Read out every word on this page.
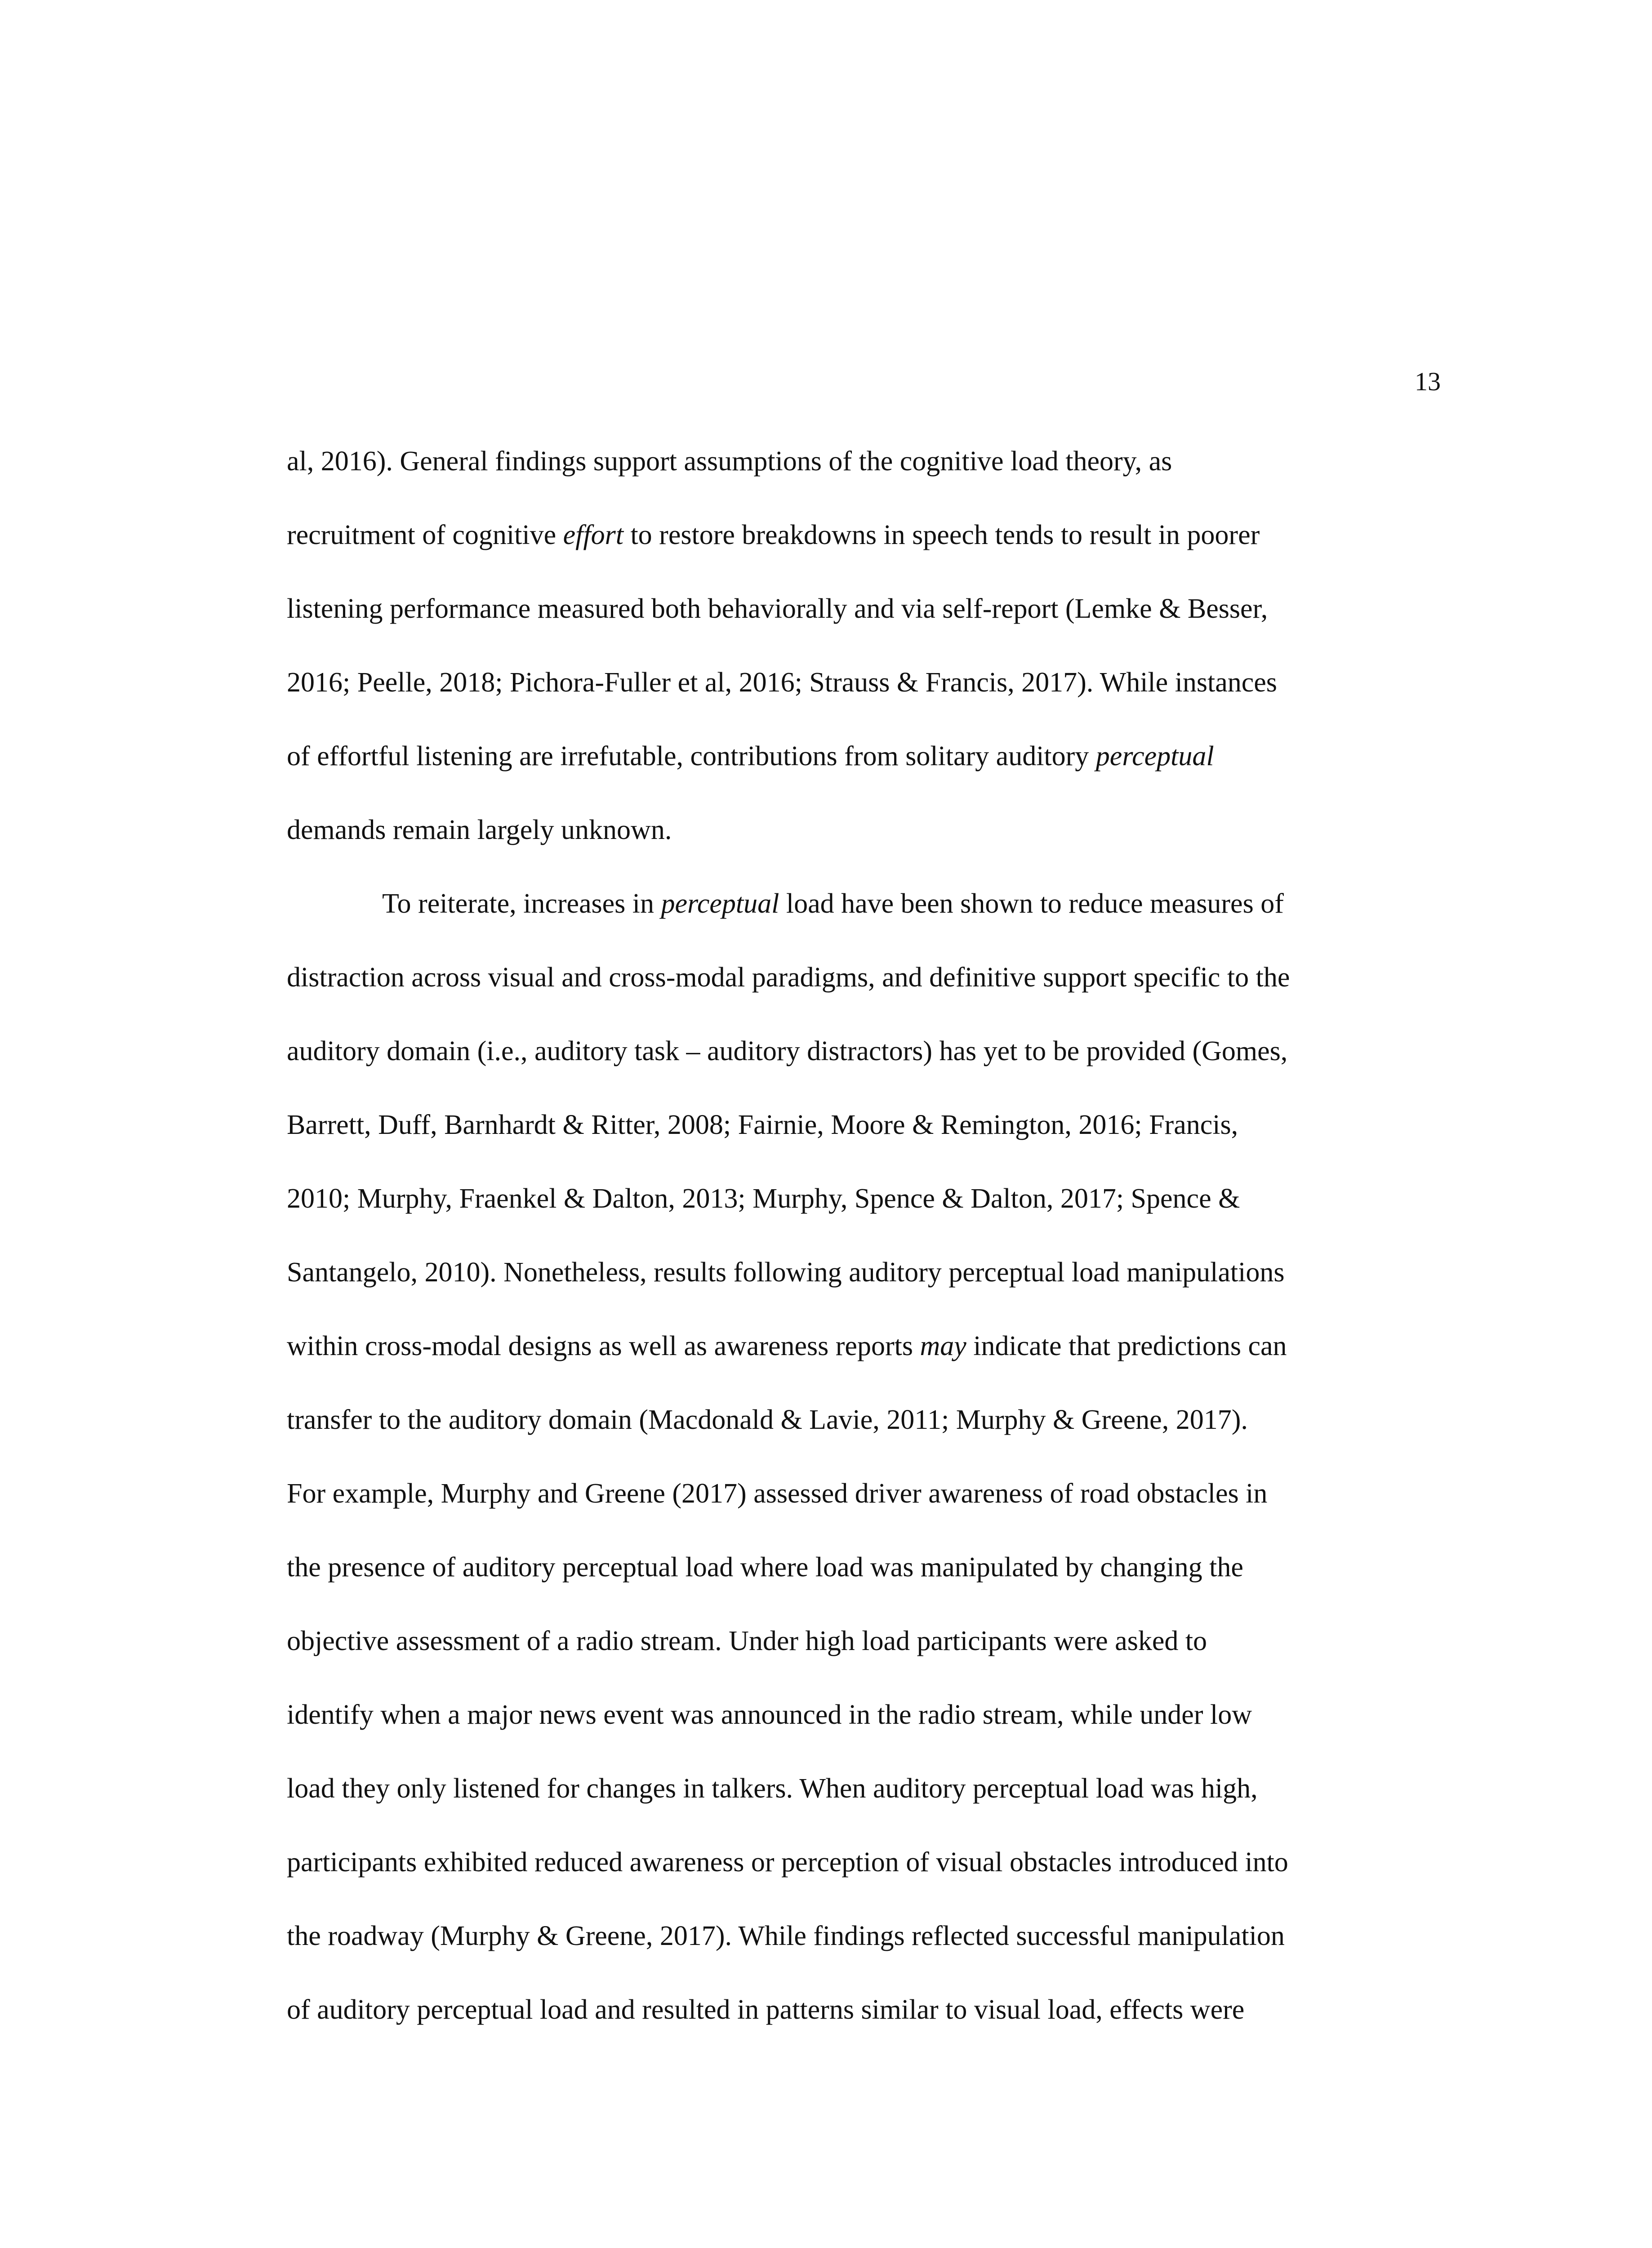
13
al, 2016). General findings support assumptions of the cognitive load theory, as
recruitment of cognitive effort to restore breakdowns in speech tends to result in poorer
listening performance measured both behaviorally and via self-report (Lemke & Besser,
2016; Peelle, 2018; Pichora-Fuller et al, 2016; Strauss & Francis, 2017). While instances
of effortful listening are irrefutable, contributions from solitary auditory perceptual
demands remain largely unknown.
To reiterate, increases in perceptual load have been shown to reduce measures of
distraction across visual and cross-modal paradigms, and definitive support specific to the
auditory domain (i.e., auditory task – auditory distractors) has yet to be provided (Gomes,
Barrett, Duff, Barnhardt & Ritter, 2008; Fairnie, Moore & Remington, 2016; Francis,
2010; Murphy, Fraenkel & Dalton, 2013; Murphy, Spence & Dalton, 2017; Spence &
Santangelo, 2010). Nonetheless, results following auditory perceptual load manipulations
within cross-modal designs as well as awareness reports may indicate that predictions can
transfer to the auditory domain (Macdonald & Lavie, 2011; Murphy & Greene, 2017).
For example, Murphy and Greene (2017) assessed driver awareness of road obstacles in
the presence of auditory perceptual load where load was manipulated by changing the
objective assessment of a radio stream. Under high load participants were asked to
identify when a major news event was announced in the radio stream, while under low
load they only listened for changes in talkers. When auditory perceptual load was high,
participants exhibited reduced awareness or perception of visual obstacles introduced into
the roadway (Murphy & Greene, 2017). While findings reflected successful manipulation
of auditory perceptual load and resulted in patterns similar to visual load, effects were
